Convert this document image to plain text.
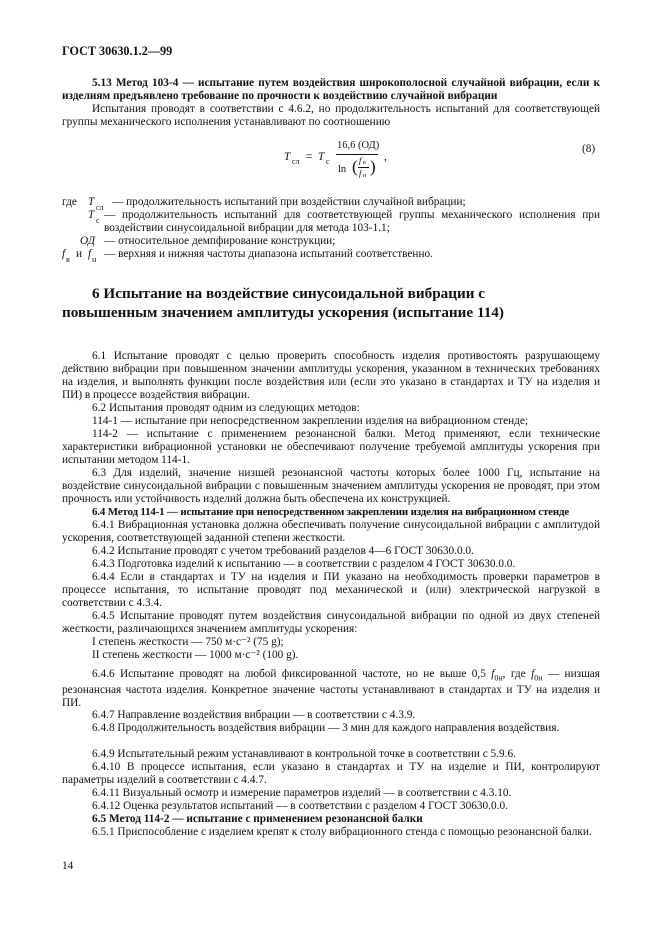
ГОСТ 30630.1.2—99
5.13 Метод 103-4 — испытание путем воздействия широкополосной случайной вибрации, если к изделиям предъявлено требование по прочности к воздействию случайной вибрации
Испытания проводят в соответствии с 4.6.2, но продолжительность испытаний для соответствующей группы механического исполнения устанавливают по соотношению
T сл = T с
16,6 (ОД)
ln ( f в
f н ) ,
(8)
где T сл — продолжительность испытаний при воздействии случайной вибрации;
T с — продолжительность испытаний для соответствующей группы механического исполнения при воздействии синусоидальной вибрации для метода 103-1.1;
ОД — относительное демпфирование конструкции;
f в и f н — верхняя и нижняя частоты диапазона испытаний соответственно.
6 Испытание на воздействие синусоидальной вибрации с повышенным значением амплитуды ускорения (испытание 114)
6.1 Испытание проводят с целью проверить способность изделия противостоять разрушающему действию вибрации при повышенном значении амплитуды ускорения, указанном в технических требованиях на изделия, и выполнять функции после воздействия или (если это указано в стандартах и ТУ на изделия и ПИ) в процессе воздействия вибрации.
6.2 Испытания проводят одним из следующих методов:
114-1 — испытание при непосредственном закреплении изделия на вибрационном стенде;
114-2 — испытание с применением резонансной балки. Метод применяют, если технические характеристики вибрационной установки не обеспечивают получение требуемой амплитуды ускорения при испытании методом 114-1.
6.3 Для изделий, значение низшей резонансной частоты которых более 1000 Гц, испытание на воздействие синусоидальной вибрации с повышенным значением амплитуды ускорения не проводят, при этом прочность или устойчивость изделий должна быть обеспечена их конструкцией.
6.4 Метод 114-1 — испытание при непосредственном закреплении изделия на вибрационном стенде
6.4.1 Вибрационная установка должна обеспечивать получение синусоидальной вибрации с амплитудой ускорения, соответствующей заданной степени жесткости.
6.4.2 Испытание проводят с учетом требований разделов 4—6 ГОСТ 30630.0.0.
6.4.3 Подготовка изделий к испытанию — в соответствии с разделом 4 ГОСТ 30630.0.0.
6.4.4 Если в стандартах и ТУ на изделия и ПИ указано на необходимость проверки параметров в процессе испытания, то испытание проводят под механической и (или) электрической нагрузкой в соответствии с 4.3.4.
6.4.5 Испытание проводят путем воздействия синусоидальной вибрации по одной из двух степеней жесткости, различающихся значением амплитуды ускорения:
I степень жесткости — 750 м·с⁻² (75 g);
II степень жесткости — 1000 м·с⁻² (100 g).
6.4.6 Испытание проводят на любой фиксированной частоте, но не выше 0,5 $f_{0н}$, где $f_{0н}$ — низшая резонансная частота изделия. Конкретное значение частоты устанавливают в стандартах и ТУ на изделия и ПИ.
6.4.7 Направление воздействия вибрации — в соответствии с 4.3.9.
6.4.8 Продолжительность воздействия вибрации — 3 мин для каждого направления воздействия.
6.4.9 Испытательный режим устанавливают в контрольной точке в соответствии с 5.9.6.
6.4.10 В процессе испытания, если указано в стандартах и ТУ на изделие и ПИ, контролируют параметры изделий в соответствии с 4.4.7.
6.4.11 Визуальный осмотр и измерение параметров изделий — в соответствии с 4.3.10.
6.4.12 Оценка результатов испытаний — в соответствии с разделом 4 ГОСТ 30630.0.0.
6.5 Метод 114-2 — испытание с применением резонансной балки
6.5.1 Приспособление с изделием крепят к столу вибрационного стенда с помощью резонансной балки.
14
